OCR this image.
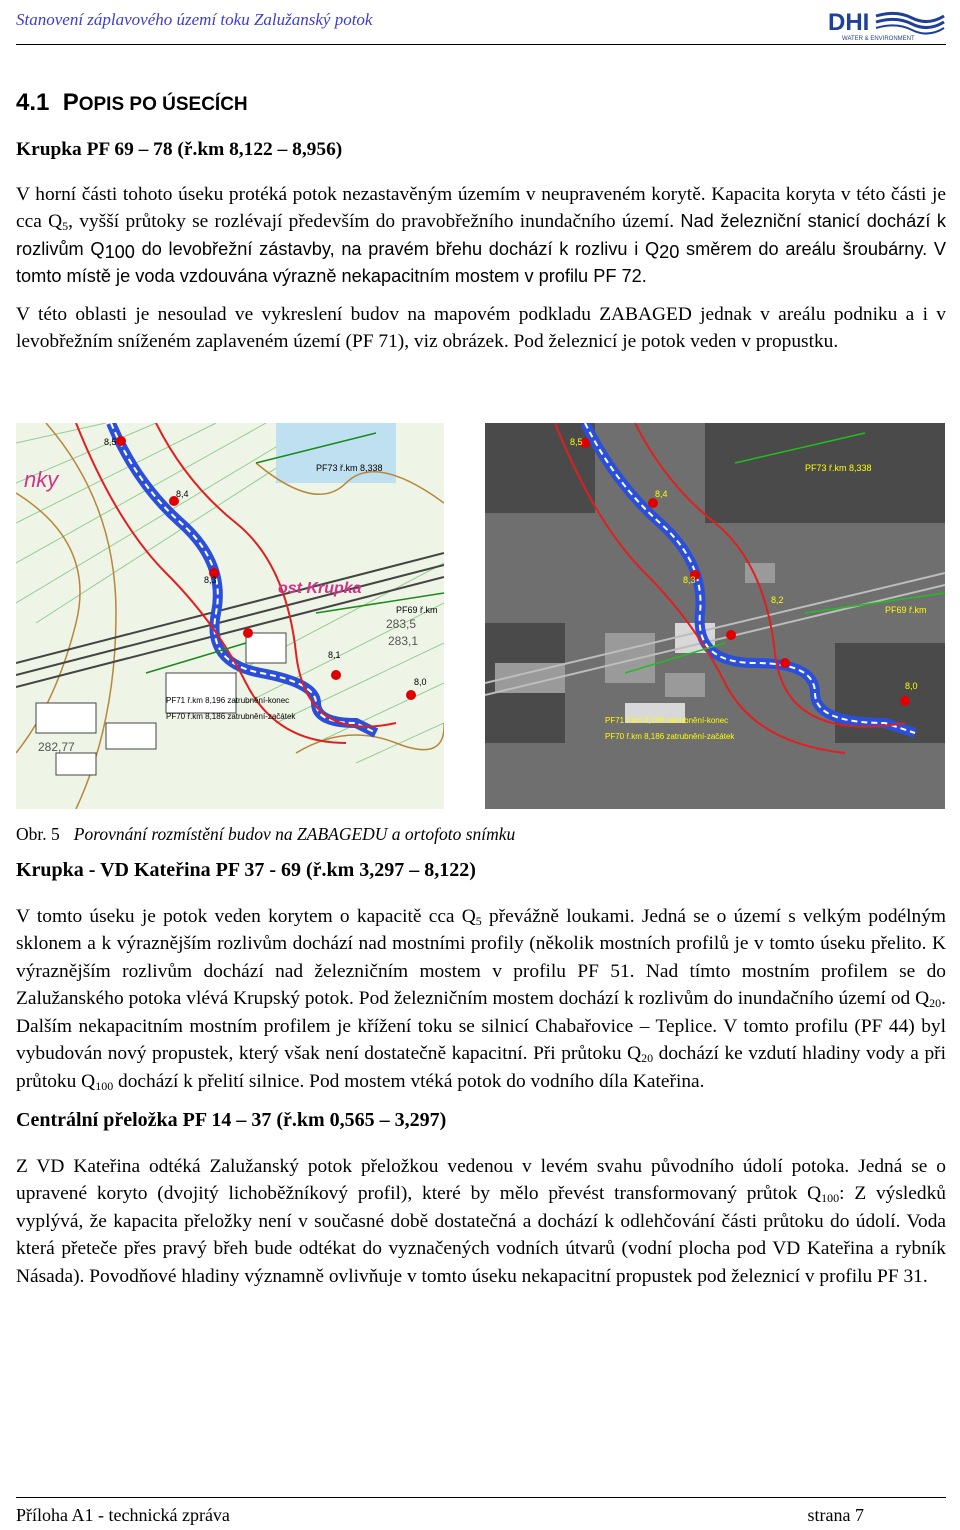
Stanovení záplavového území toku Zalužanský potok	DHI
WATER & ENVIRONMENT
4.1 POPIS PO ÚSECÍCH
Krupka PF 69 – 78 (ř.km 8,122 – 8,956)

V horní části tohoto úseku protéká potok nezastavěným územím v neupraveném korytě. Kapacita koryta v této části je cca $Q_5$, vyšší průtoky se rozlévají především do pravobřežního inundačního území. Nad železniční stanicí dochází k rozlivům $Q_{100}$ do levobřežní zástavby, na pravém břehu dochází k rozlivu i $Q_{20}$ směrem do areálu šroubárny. V tomto místě je voda vzdouvána výrazně nekapacitním mostem v profilu PF 72.

V této oblasti je nesoulad ve vykreslení budov na mapovém podkladu ZABAGED jednak v areálu podniku a i v levobřežním sníženém zaplaveném území (PF 71), viz obrázek. Pod železnicí je potok veden v propustku.

8,5
8,4
8,3
8,1
8,0
PF73 ř.km 8,338
PF69 ř.km
PF71 ř.km 8,196 zatrubnění-konec
PF70 ř.km 8,186 zatrubnění-začátek
283,5
283,1
282,77
nky
ost Krupka
8,5
8,4
8,3
8,2
8,0
PF73 ř.km 8,338
PF69 ř.km
PF71 ř.km 8,196 zatrubnění-konec
PF70 ř.km 8,186 zatrubnění-začátek
Obr. 5 Porovnání rozmístění budov na ZABAGEDU a ortofoto snímku
Krupka - VD Kateřina PF 37 - 69 (ř.km 3,297 – 8,122)

V tomto úseku je potok veden korytem o kapacitě cca $Q_5$ převážně loukami. Jedná se o území s velkým podélným sklonem a k výraznějším rozlivům dochází nad mostními profily (několik mostních profilů je v tomto úseku přelito. K výraznějším rozlivům dochází nad železničním mostem v profilu PF 51. Nad tímto mostním profilem se do Zalužanského potoka vlévá Krupský potok. Pod železničním mostem dochází k rozlivům do inundačního území od $Q_{20}$. Dalším nekapacitním mostním profilem je křížení toku se silnicí Chabařovice – Teplice. V tomto profilu (PF 44) byl vybudován nový propustek, který však není dostatečně kapacitní. Při průtoku $Q_{20}$ dochází ke vzdutí hladiny vody a při průtoku $Q_{100}$ dochází k přelití silnice. Pod mostem vtéká potok do vodního díla Kateřina.

Centrální přeložka PF 14 – 37 (ř.km 0,565 – 3,297)

Z VD Kateřina odtéká Zalužanský potok přeložkou vedenou v levém svahu původního údolí potoka. Jedná se o upravené koryto (dvojitý lichoběžníkový profil), které by mělo převést transformovaný průtok $Q_{100}$: Z výsledků vyplývá, že kapacita přeložky není v současné době dostatečná a dochází k odlehčování části průtoku do údolí. Voda která přeteče přes pravý břeh bude odtékat do vyznačených vodních útvarů (vodní plocha pod VD Kateřina a rybník Násada). Povodňové hladiny významně ovlivňuje v tomto úseku nekapacitní propustek pod železnicí v profilu PF 31.

Příloha A1 - technická zpráva	strana 7
